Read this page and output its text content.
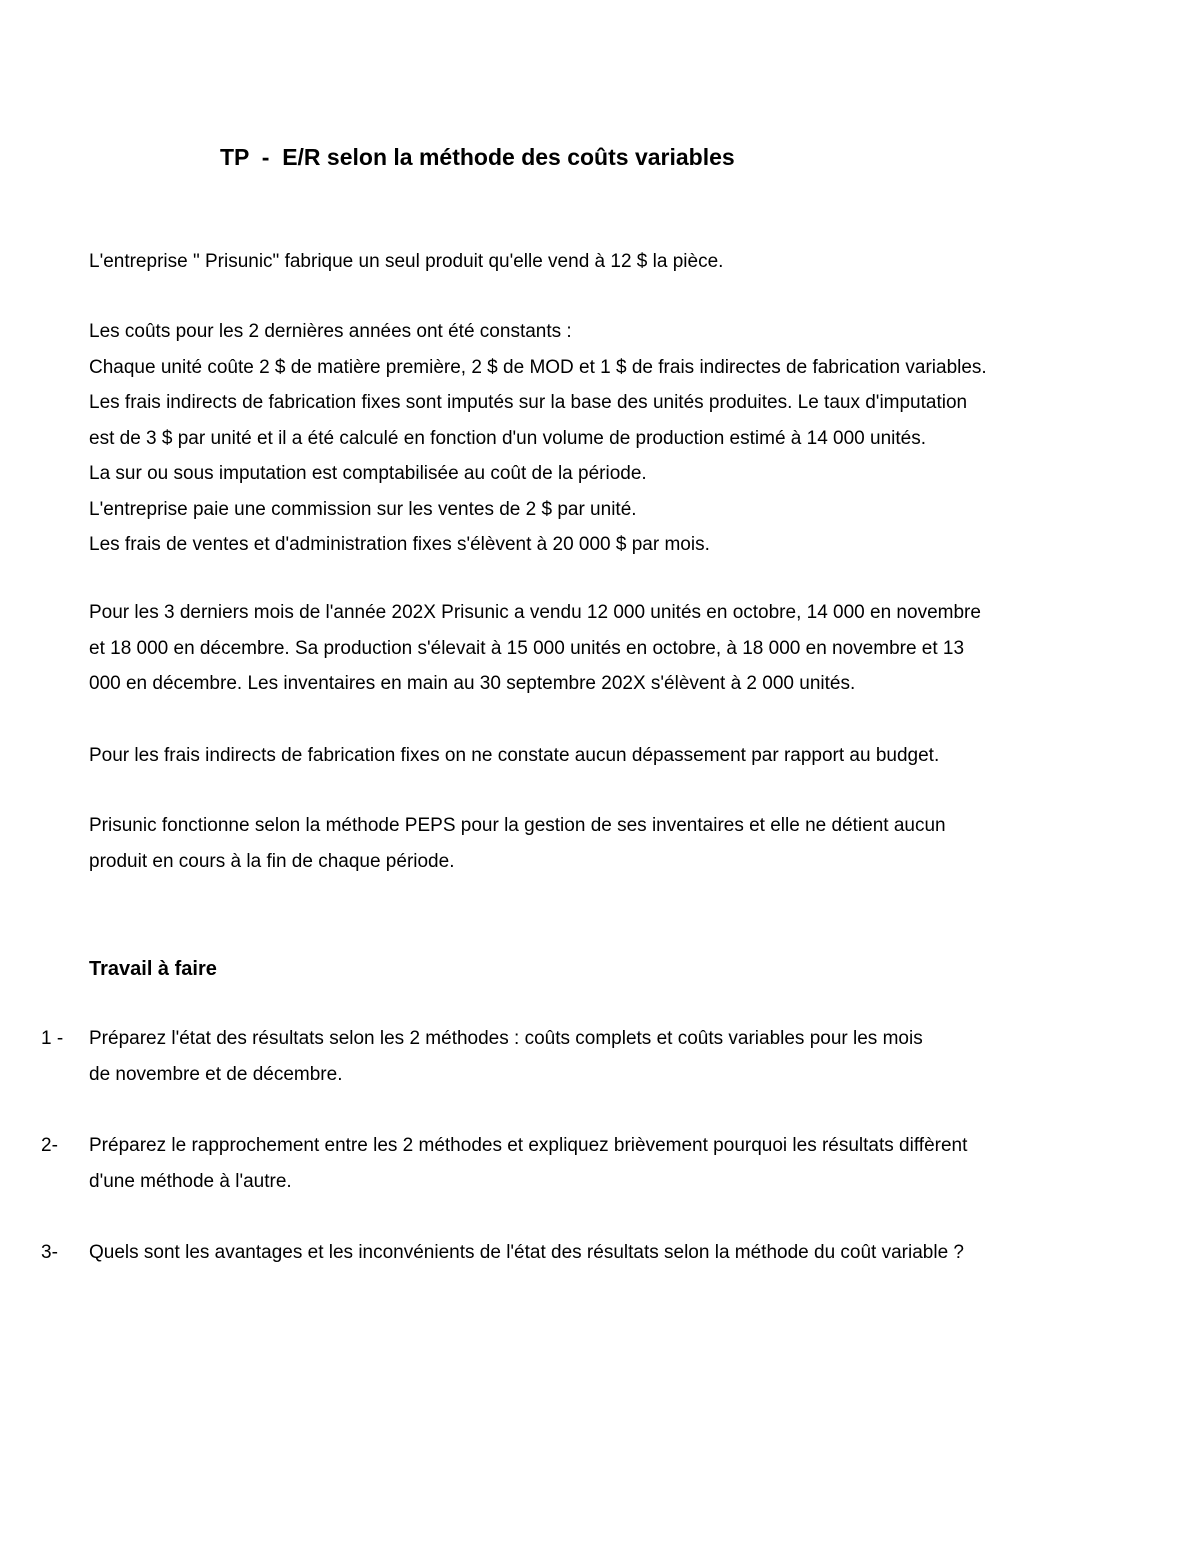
TP  -  E/R selon la méthode des coûts variables
L'entreprise " Prisunic" fabrique un seul produit qu'elle vend à 12 $ la pièce.
Les coûts pour les 2 dernières années ont été constants :
Chaque unité coûte 2 $ de matière première, 2 $ de MOD et 1 $ de frais indirectes de fabrication variables.
Les frais indirects de fabrication fixes sont imputés sur la base des unités produites. Le taux d'imputation
est de 3 $ par unité et il a été calculé en fonction d'un volume de production estimé à 14 000 unités.
La sur ou sous imputation est comptabilisée au coût de la période.
L'entreprise paie une commission sur les ventes de 2 $ par unité.
Les frais de ventes et d'administration fixes s'élèvent à 20 000 $ par mois.
Pour les 3 derniers mois de l'année 202X Prisunic a vendu 12 000 unités en octobre, 14 000 en novembre
et 18 000 en décembre. Sa production s'élevait à 15 000 unités en octobre, à 18 000 en novembre et 13
000 en décembre. Les inventaires en main au 30 septembre 202X s'élèvent à 2 000 unités.
Pour les frais indirects de fabrication fixes on ne constate aucun dépassement par rapport au budget.
Prisunic fonctionne selon la méthode PEPS pour la gestion de ses inventaires et elle ne détient aucun
produit en cours à la fin de chaque période.
Travail à faire
1 - Préparez l'état des résultats selon les 2 méthodes : coûts complets et coûts variables pour les mois
de novembre et de décembre.
2- Préparez le rapprochement entre les 2 méthodes et expliquez brièvement pourquoi les résultats diffèrent
d'une méthode à l'autre.
3- Quels sont les avantages et les inconvénients de l'état des résultats selon la méthode du coût variable ?
